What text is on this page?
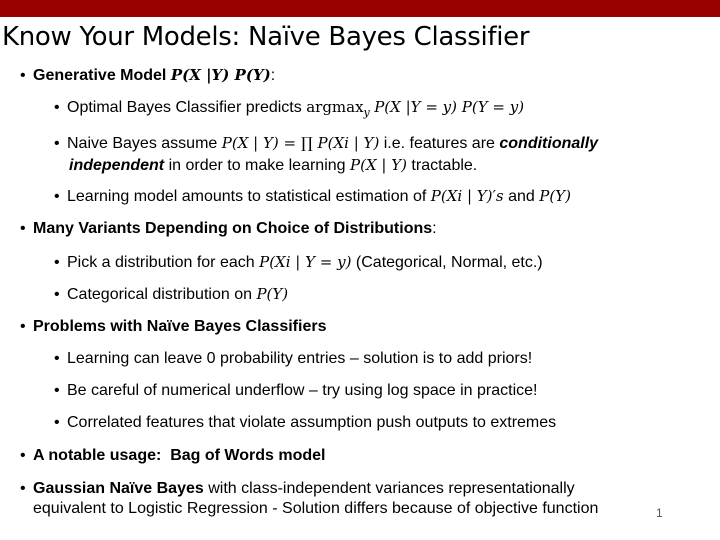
Know Your Models: Naïve Bayes Classifier
• Generative Model P(X |Y) P(Y):
• Optimal Bayes Classifier predicts argmax$_y$ P(X |Y = y) P(Y = y)
• Naive Bayes assume P(X | Y) = ∏ P(Xi | Y) i.e. features are conditionally
independent in order to make learning P(X | Y) tractable.
• Learning model amounts to statistical estimation of P(Xi | Y)′s and P(Y)
• Many Variants Depending on Choice of Distributions:
• Pick a distribution for each P(Xi | Y = y) (Categorical, Normal, etc.)
• Categorical distribution on P(Y)
• Problems with Naïve Bayes Classifiers
• Learning can leave 0 probability entries – solution is to add priors!
• Be careful of numerical underflow – try using log space in practice!
• Correlated features that violate assumption push outputs to extremes
• A notable usage: Bag of Words model
• Gaussian Naïve Bayes with class-independent variances representationally
equivalent to Logistic Regression - Solution differs because of objective function	1
